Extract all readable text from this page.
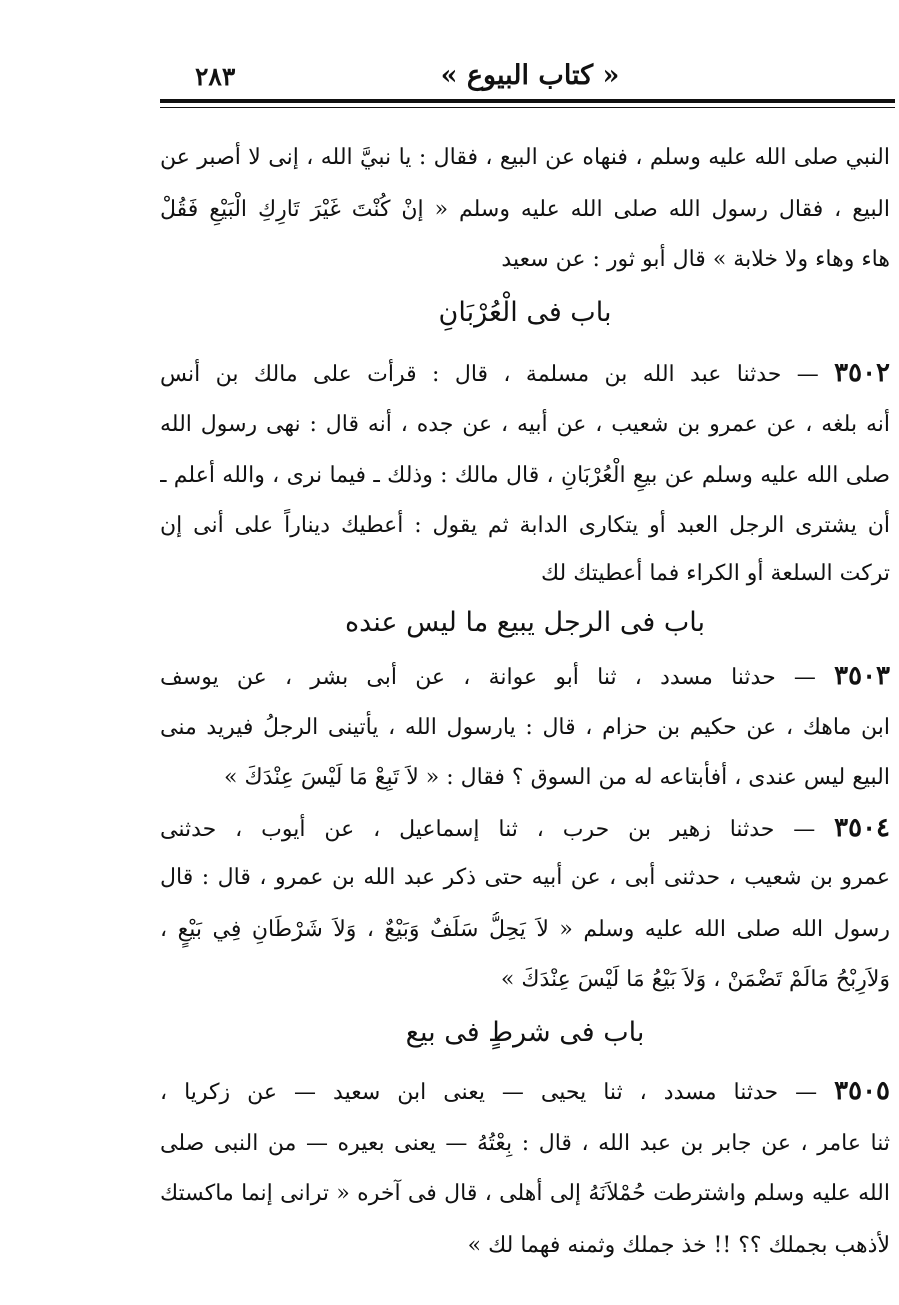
٢٨٣	« كتاب البيوع »
النبي صلى الله عليه وسلم ، فنهاه عن البيع ، فقال : يا نبيَّ الله ، إنى لا أصبر عن
البيع ، فقال رسول الله صلى الله عليه وسلم « إنْ كُنْتَ غَيْرَ تَارِكِ الْبَيْعِ فَقُلْ
هاء وهاء ولا خلابة » قال أبو ثور : عن سعيد
باب فى الْعُرْبَانِ
٣٥٠٢ — حدثنا عبد الله بن مسلمة ، قال : قرأت على مالك بن أنس
أنه بلغه ، عن عمرو بن شعيب ، عن أبيه ، عن جده ، أنه قال : نهى رسول الله
صلى الله عليه وسلم عن بيعِ الْعُرْبَانِ ، قال مالك : وذلك ـ فيما نرى ، والله أعلم ـ
أن يشترى الرجل العبد أو يتكارى الدابة ثم يقول : أعطيك ديناراً على أنى إن
تركت السلعة أو الكراء فما أعطيتك لك
باب فى الرجل يبيع ما ليس عنده
٣٥٠٣ — حدثنا مسدد ، ثنا أبو عوانة ، عن أبى بشر ، عن يوسف
ابن ماهك ، عن حكيم بن حزام ، قال : يارسول الله ، يأتينى الرجلُ فيريد منى
البيع ليس عندى ، أفأبتاعه له من السوق ؟ فقال : « لاَ تَبِعْ مَا لَيْسَ عِنْدَكَ »
٣٥٠٤ — حدثنا زهير بن حرب ، ثنا إسماعيل ، عن أيوب ، حدثنى
عمرو بن شعيب ، حدثنى أبى ، عن أبيه حتى ذكر عبد الله بن عمرو ، قال : قال
رسول الله صلى الله عليه وسلم « لاَ يَحِلُّ سَلَفٌ وَبَيْعٌ ، وَلاَ شَرْطَانِ فِي بَيْعٍ ،
وَلاَرِبْحُ مَالَمْ تَضْمَنْ ، وَلاَ بَيْعُ مَا لَيْسَ عِنْدَكَ »
باب فى شرطٍ فى بيع
٣٥٠٥ — حدثنا مسدد ، ثنا يحيى — يعنى ابن سعيد — عن زكريا ،
ثنا عامر ، عن جابر بن عبد الله ، قال : بِعْتُهُ — يعنى بعيره — من النبى صلى
الله عليه وسلم واشترطت حُمْلاَنَهُ إلى أهلى ، قال فى آخره « ترانى إنما ماكستك
لأذهب بجملك ؟؟ !! خذ جملك وثمنه فهما لك »
